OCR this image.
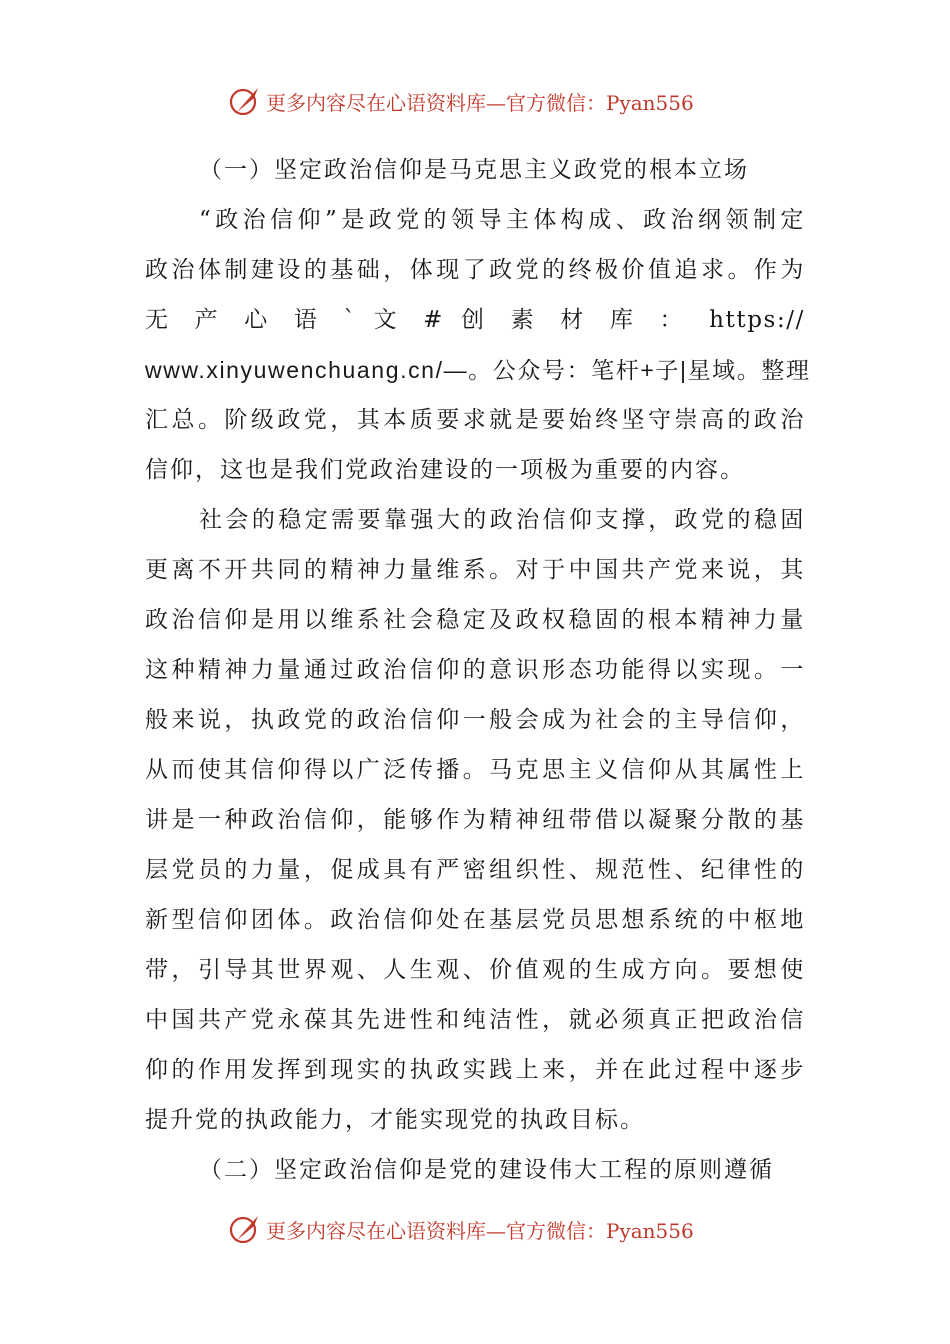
更多内容尽在心语资料库—官方微信：Pyan556
（一）坚定政治信仰是马克思主义政党的根本立场
“政治信仰”是政党的领导主体构成、政治纲领制定
政治体制建设的基础，体现了政党的终极价值追求。作为
无 产 心 语 ` 文 # 创 素 材 库 ： https://
www.xinyuwenchuang.cn/—。公众号：笔杆+子|星域。整理
汇总。阶级政党，其本质要求就是要始终坚守崇高的政治
信仰，这也是我们党政治建设的一项极为重要的内容。
社会的稳定需要靠强大的政治信仰支撑，政党的稳固
更离不开共同的精神力量维系。对于中国共产党来说，其
政治信仰是用以维系社会稳定及政权稳固的根本精神力量
这种精神力量通过政治信仰的意识形态功能得以实现。一
般来说，执政党的政治信仰一般会成为社会的主导信仰，
从而使其信仰得以广泛传播。马克思主义信仰从其属性上
讲是一种政治信仰，能够作为精神纽带借以凝聚分散的基
层党员的力量，促成具有严密组织性、规范性、纪律性的
新型信仰团体。政治信仰处在基层党员思想系统的中枢地
带，引导其世界观、人生观、价值观的生成方向。要想使
中国共产党永葆其先进性和纯洁性，就必须真正把政治信
仰的作用发挥到现实的执政实践上来，并在此过程中逐步
提升党的执政能力，才能实现党的执政目标。
（二）坚定政治信仰是党的建设伟大工程的原则遵循
更多内容尽在心语资料库—官方微信：Pyan556
